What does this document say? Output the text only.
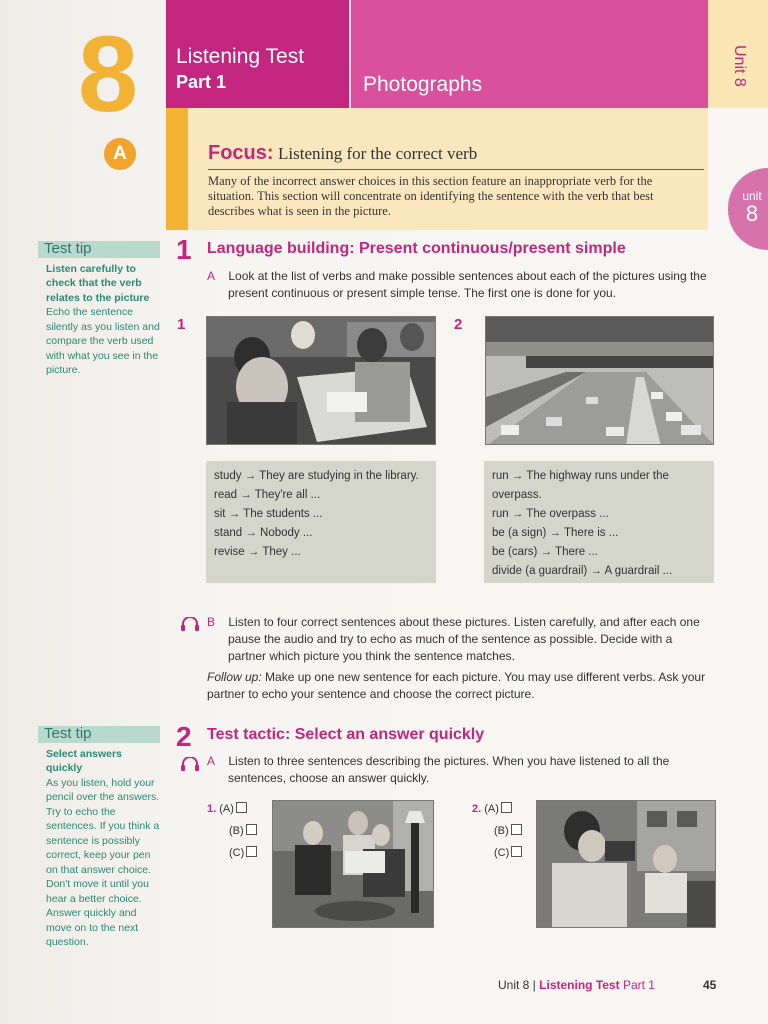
8 Listening Test
Part 1	Photographs	Unit 8
unit
8
A	Focus: Listening for the correct verb
Many of the incorrect answer choices in this section feature an inappropriate verb for the situation. This section will concentrate on identifying the sentence with the verb that best describes what is seen in the picture.
Test tip
Listen carefully to check that the verb relates to the picture
Echo the sentence silently as you listen and compare the verb used with what you see in the picture.
Test tip
Select answers quickly
As you listen, hold your pencil over the answers. Try to echo the sentences. If you think a sentence is possibly correct, keep your pen on that answer choice. Don't move it until you hear a better choice. Answer quickly and move on to the next question.
1 Language building: Present continuous/present simple
A Look at the list of verbs and make possible sentences about each of the pictures using the present continuous or present simple tense. The first one is done for you.
1	2
study → They are studying in the library.
read → They're all ...
sit → The students ...
stand → Nobody ...
revise → They ...
run → The highway runs under the overpass.
run → The overpass ...
be (a sign) → There is ...
be (cars) → There ...
divide (a guardrail) → A guardrail ...
B Listen to four correct sentences about these pictures. Listen carefully, and after each one pause the audio and try to echo as much of the sentence as possible. Decide with a partner which picture you think the sentence matches.
Follow up: Make up one new sentence for each picture. You may use different verbs. Ask your partner to echo your sentence and choose the correct picture.
2 Test tactic: Select an answer quickly
A Listen to three sentences describing the pictures. When you have listened to all the sentences, choose an answer quickly.
1. (A)
(B)
(C)
2. (A)
(B)
(C)
Unit 8 | Listening Test Part 1	45
